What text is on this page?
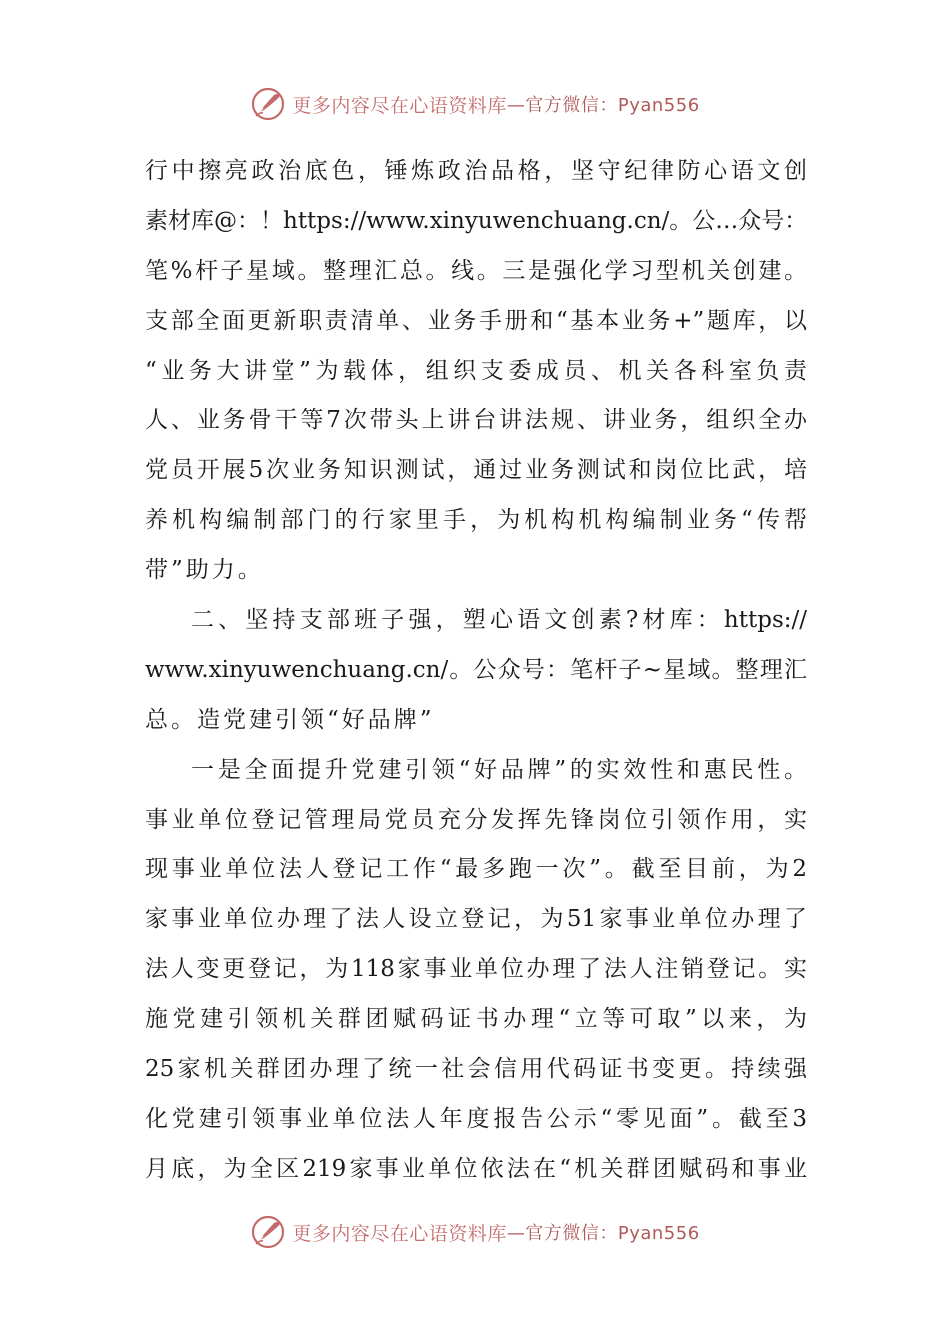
更多内容尽在心语资料库 —官方微信：Pyan556
行中擦亮政治底色，锤炼政治品格，坚守纪律防心语文创
素材库@：！https://www.xinyuwenchuang.cn/。公…众号：
笔%杆子星域。整理汇总。线。三是强化学习型机关创建。
支部全面更新职责清单、业务手册和“基本业务+”题库，以
“业务大讲堂”为载体，组织支委成员、机关各科室负责
人、业务骨干等7次带头上讲台讲法规、讲业务，组织全办
党员开展5次业务知识测试，通过业务测试和岗位比武，培
养机构编制部门的行家里手，为机构机构编制业务“传帮
带”助力。
二、坚持支部班子强，塑心语文创素?材库：https://
www.xinyuwenchuang.cn/。公众号：笔杆子~星域。整理汇
总。造党建引领“好品牌”
一是全面提升党建引领“好品牌”的实效性和惠民性。
事业单位登记管理局党员充分发挥先锋岗位引领作用，实
现事业单位法人登记工作“最多跑一次”。截至目前，为2
家事业单位办理了法人设立登记，为51家事业单位办理了
法人变更登记，为118家事业单位办理了法人注销登记。实
施党建引领机关群团赋码证书办理“立等可取”以来，为
25家机关群团办理了统一社会信用代码证书变更。持续强
化党建引领事业单位法人年度报告公示“零见面”。截至3
月底，为全区219家事业单位依法在“机关群团赋码和事业
更多内容尽在心语资料库 —官方微信：Pyan556
